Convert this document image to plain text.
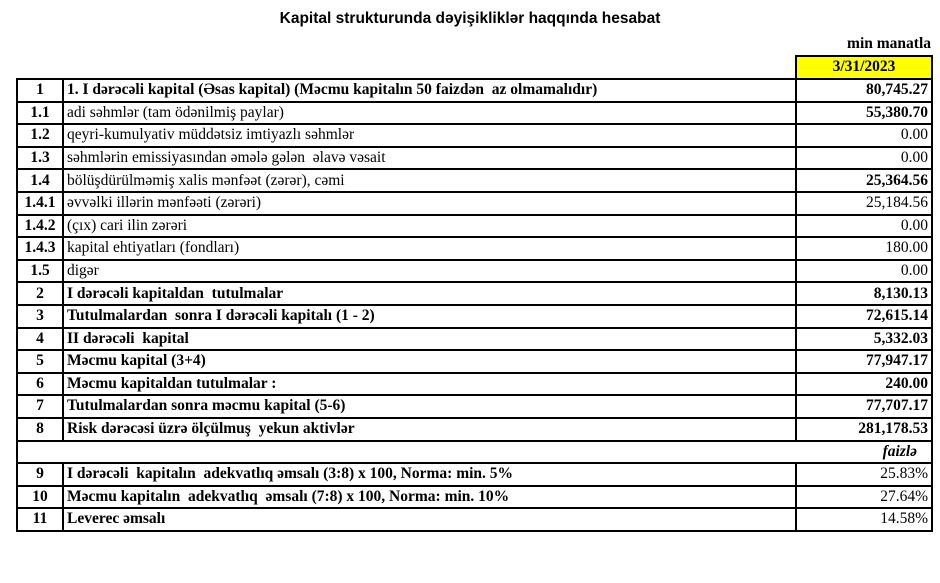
Kapital strukturunda dəyişikliklər haqqında hesabat
min manatla
		3/31/2023
1	1. I dərəcəli kapital (Əsas kapital) (Məcmu kapitalın 50 faizdən  az olmamalıdır)	80,745.27
1.1	adi səhmlər (tam ödənilmiş paylar)	55,380.70
1.2	qeyri-kumulyativ müddətsiz imtiyazlı səhmlər	0.00
1.3	səhmlərin emissiyasından əmələ gələn  əlavə vəsait	0.00
1.4	bölüşdürülməmiş xalis mənfəət (zərər), cəmi	25,364.56
1.4.1	əvvəlki illərin mənfəəti (zərəri)	25,184.56
1.4.2	(çıx) cari ilin zərəri	0.00
1.4.3	kapital ehtiyatları (fondları)	180.00
1.5	digər	0.00
2	I dərəcəli kapitaldan  tutulmalar	8,130.13
3	Tutulmalardan  sonra I dərəcəli kapitalı (1 - 2)	72,615.14
4	II dərəcəli  kapital	5,332.03
5	Məcmu kapital (3+4)	77,947.17
6	Məcmu kapitaldan tutulmalar :	240.00
7	Tutulmalardan sonra məcmu kapital (5-6)	77,707.17
8	Risk dərəcəsi üzrə ölçülmuş  yekun aktivlər	281,178.53
faizlə		
9	I dərəcəli  kapitalın  adekvatlıq əmsalı (3:8) x 100, Norma: min. 5%	25.83%
10	Məcmu kapitalın  adekvatlıq  əmsalı (7:8) x 100, Norma: min. 10%	27.64%
11	Leverec əmsalı	14.58%
